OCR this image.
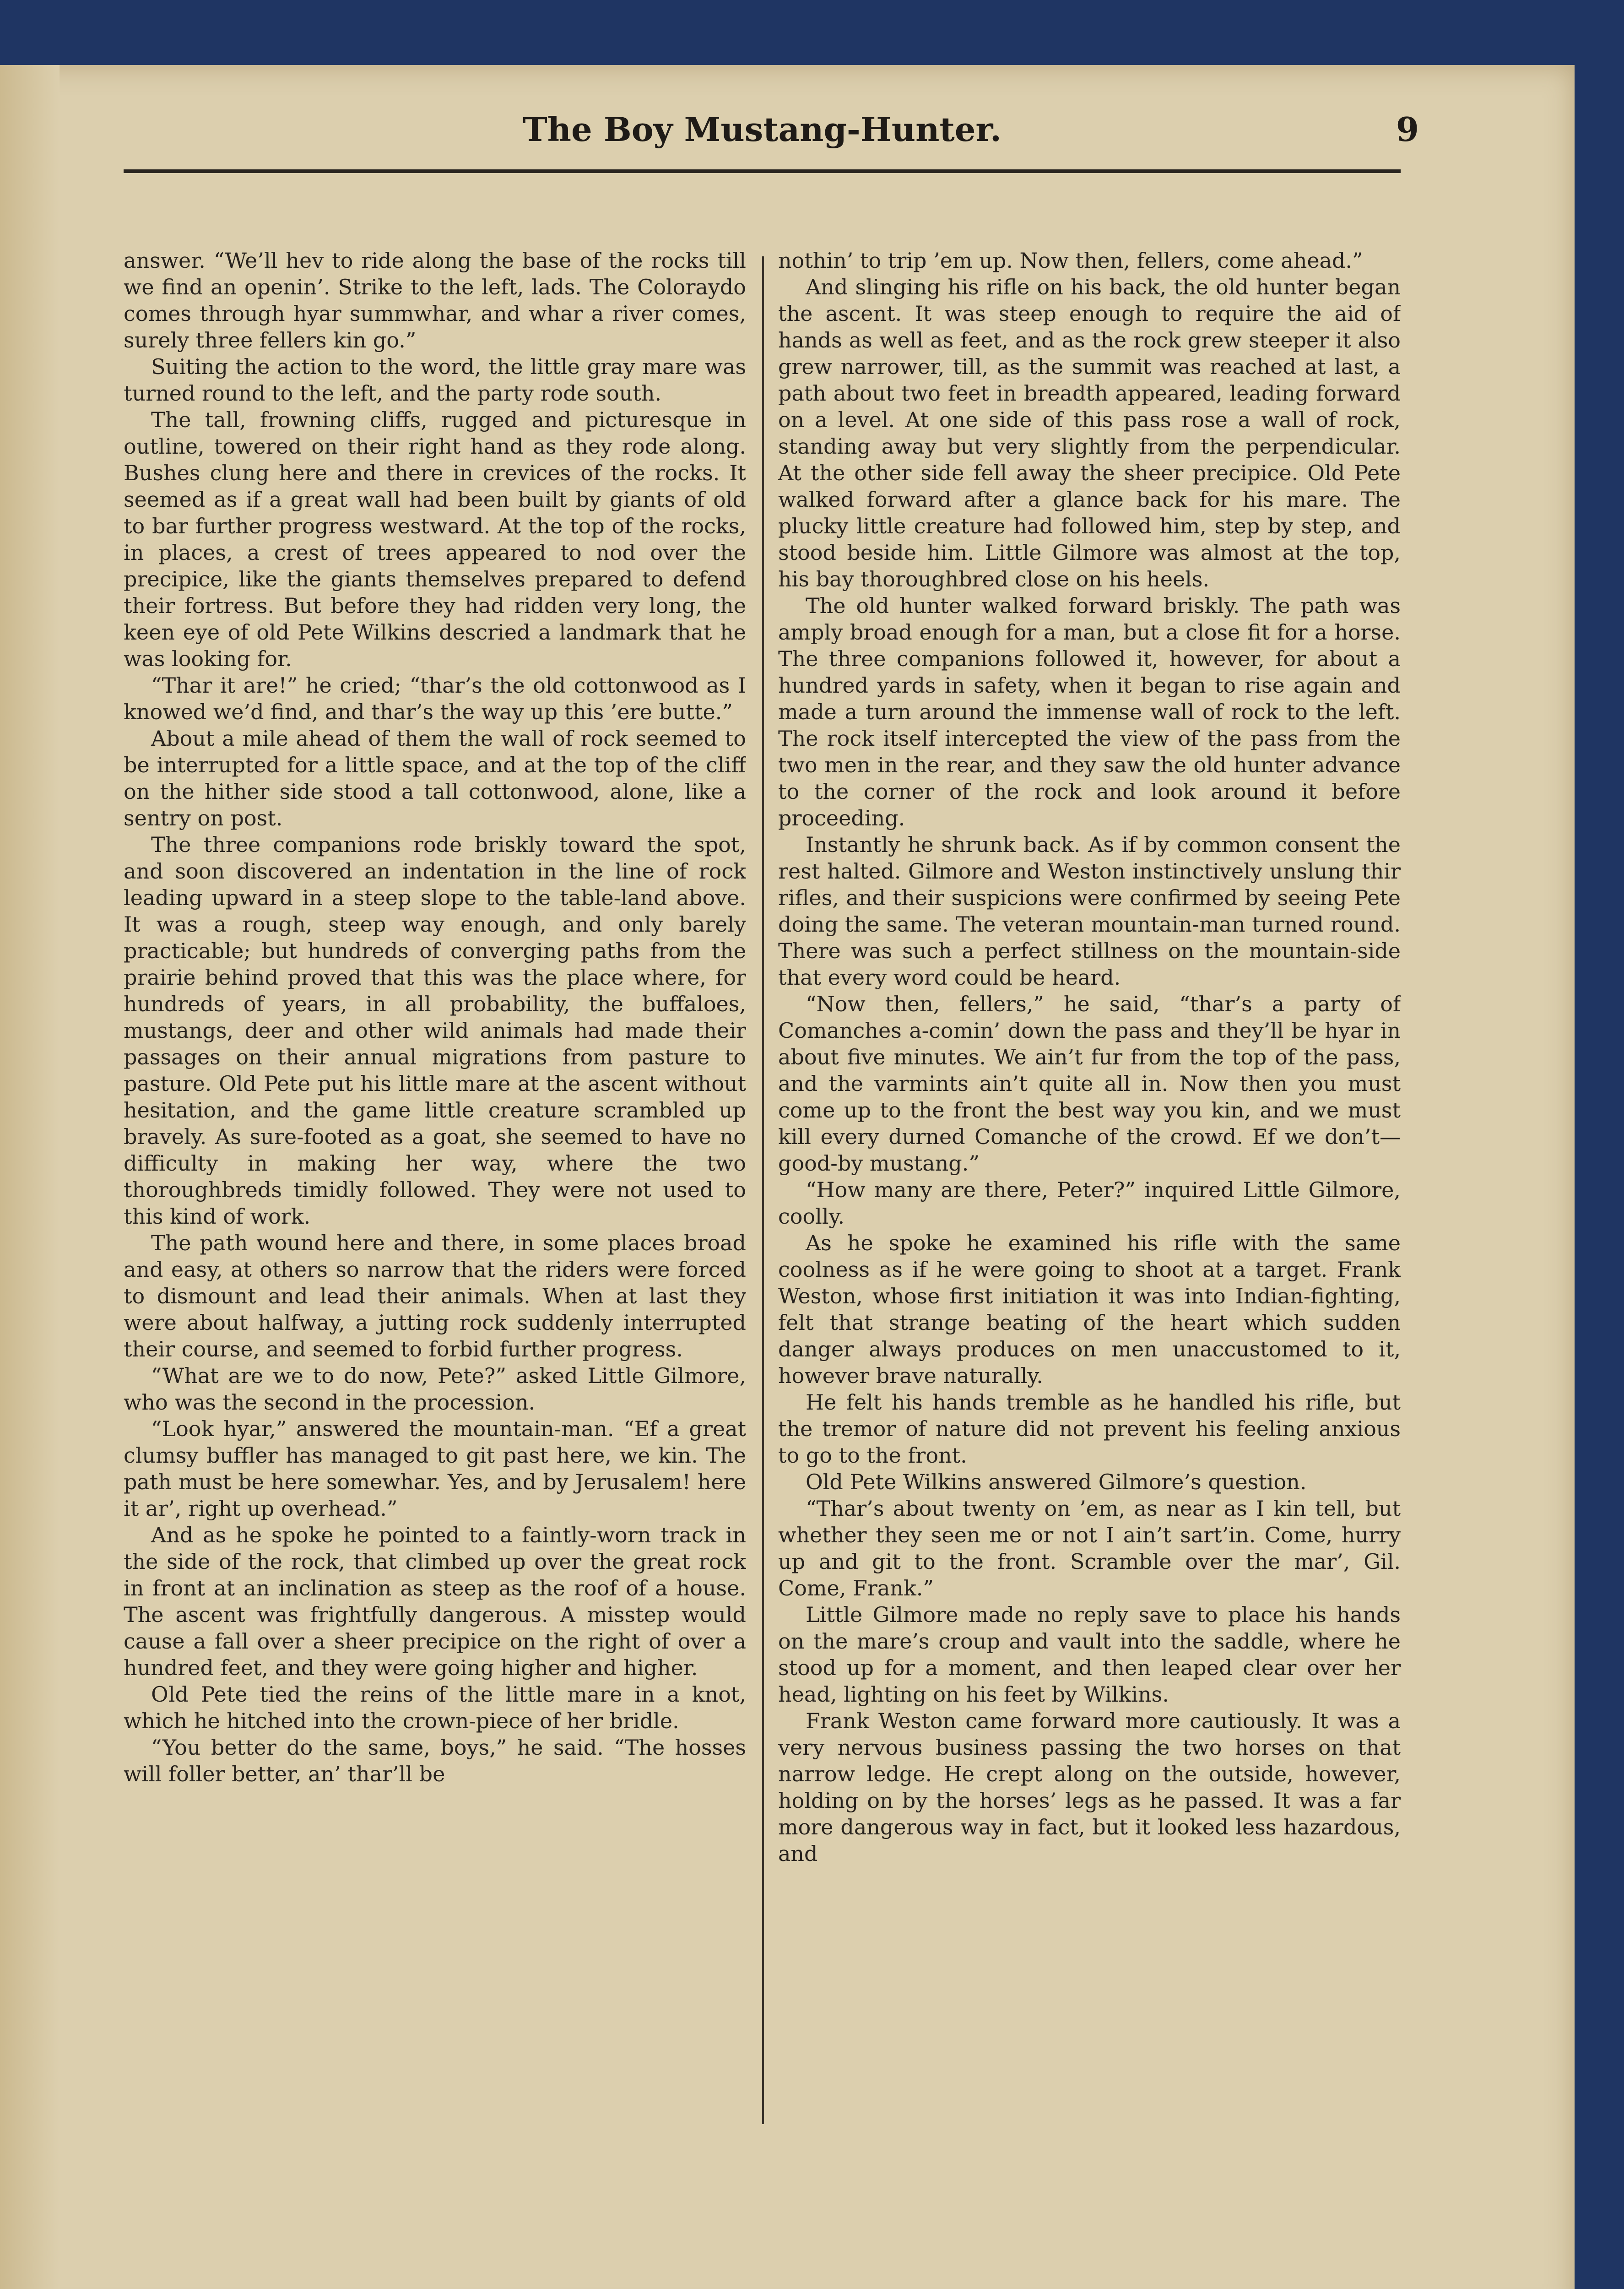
The Boy Mustang-Hunter.	9

answer. “We’ll hev to ride along the base of the rocks till we find an openin’. Strike to the left, lads. The Coloraydo comes through hyar summwhar, and whar a river comes, surely three fellers kin go.”

Suiting the action to the word, the little gray mare was turned round to the left, and the party rode south.

The tall, frowning cliffs, rugged and picturesque in outline, towered on their right hand as they rode along. Bushes clung here and there in crevices of the rocks. It seemed as if a great wall had been built by giants of old to bar further progress westward. At the top of the rocks, in places, a crest of trees appeared to nod over the precipice, like the giants themselves prepared to defend their fortress. But before they had ridden very long, the keen eye of old Pete Wilkins descried a landmark that he was looking for.

“Thar it are!” he cried; “thar’s the old cottonwood as I knowed we’d find, and thar’s the way up this ’ere butte.”

About a mile ahead of them the wall of rock seemed to be interrupted for a little space, and at the top of the cliff on the hither side stood a tall cottonwood, alone, like a sentry on post.

The three companions rode briskly toward the spot, and soon discovered an indentation in the line of rock leading upward in a steep slope to the table-land above. It was a rough, steep way enough, and only barely practicable; but hundreds of converging paths from the prairie behind proved that this was the place where, for hundreds of years, in all probability, the buffaloes, mustangs, deer and other wild animals had made their passages on their annual migrations from pasture to pasture. Old Pete put his little mare at the ascent without hesitation, and the game little creature scrambled up bravely. As sure-footed as a goat, she seemed to have no difficulty in making her way, where the two thoroughbreds timidly followed. They were not used to this kind of work.

The path wound here and there, in some places broad and easy, at others so narrow that the riders were forced to dismount and lead their animals. When at last they were about halfway, a jutting rock suddenly interrupted their course, and seemed to forbid further progress.

“What are we to do now, Pete?” asked Little Gilmore, who was the second in the procession.

“Look hyar,” answered the mountain-man. “Ef a great clumsy buffler has managed to git past here, we kin. The path must be here somewhar. Yes, and by Jerusalem! here it ar’, right up overhead.”

And as he spoke he pointed to a faintly-worn track in the side of the rock, that climbed up over the great rock in front at an inclination as steep as the roof of a house. The ascent was frightfully dangerous. A misstep would cause a fall over a sheer precipice on the right of over a hundred feet, and they were going higher and higher.

Old Pete tied the reins of the little mare in a knot, which he hitched into the crown-piece of her bridle.

“You better do the same, boys,” he said. “The hosses will foller better, an’ thar’ll be

nothin’ to trip ’em up. Now then, fellers, come ahead.”

And slinging his rifle on his back, the old hunter began the ascent. It was steep enough to require the aid of hands as well as feet, and as the rock grew steeper it also grew narrower, till, as the summit was reached at last, a path about two feet in breadth appeared, leading forward on a level. At one side of this pass rose a wall of rock, standing away but very slightly from the perpendicular. At the other side fell away the sheer precipice. Old Pete walked forward after a glance back for his mare. The plucky little creature had followed him, step by step, and stood beside him. Little Gilmore was almost at the top, his bay thoroughbred close on his heels.

The old hunter walked forward briskly. The path was amply broad enough for a man, but a close fit for a horse. The three companions followed it, however, for about a hundred yards in safety, when it began to rise again and made a turn around the immense wall of rock to the left. The rock itself intercepted the view of the pass from the two men in the rear, and they saw the old hunter advance to the corner of the rock and look around it before proceeding.

Instantly he shrunk back. As if by common consent the rest halted. Gilmore and Weston instinctively unslung thir rifles, and their suspicions were confirmed by seeing Pete doing the same. The veteran mountain-man turned round. There was such a perfect stillness on the mountain-side that every word could be heard.

“Now then, fellers,” he said, “thar’s a party of Comanches a-comin’ down the pass and they’ll be hyar in about five minutes. We ain’t fur from the top of the pass, and the varmints ain’t quite all in. Now then you must come up to the front the best way you kin, and we must kill every durned Comanche of the crowd. Ef we don’t—good-by mustang.”

“How many are there, Peter?” inquired Little Gilmore, coolly.

As he spoke he examined his rifle with the same coolness as if he were going to shoot at a target. Frank Weston, whose first initiation it was into Indian-fighting, felt that strange beating of the heart which sudden danger always produces on men unaccustomed to it, however brave naturally.

He felt his hands tremble as he handled his rifle, but the tremor of nature did not prevent his feeling anxious to go to the front.

Old Pete Wilkins answered Gilmore’s question.

“Thar’s about twenty on ’em, as near as I kin tell, but whether they seen me or not I ain’t sart’in. Come, hurry up and git to the front. Scramble over the mar’, Gil. Come, Frank.”

Little Gilmore made no reply save to place his hands on the mare’s croup and vault into the saddle, where he stood up for a moment, and then leaped clear over her head, lighting on his feet by Wilkins.

Frank Weston came forward more cautiously. It was a very nervous business passing the two horses on that narrow ledge. He crept along on the outside, however, holding on by the horses’ legs as he passed. It was a far more dangerous way in fact, but it looked less hazardous, and
